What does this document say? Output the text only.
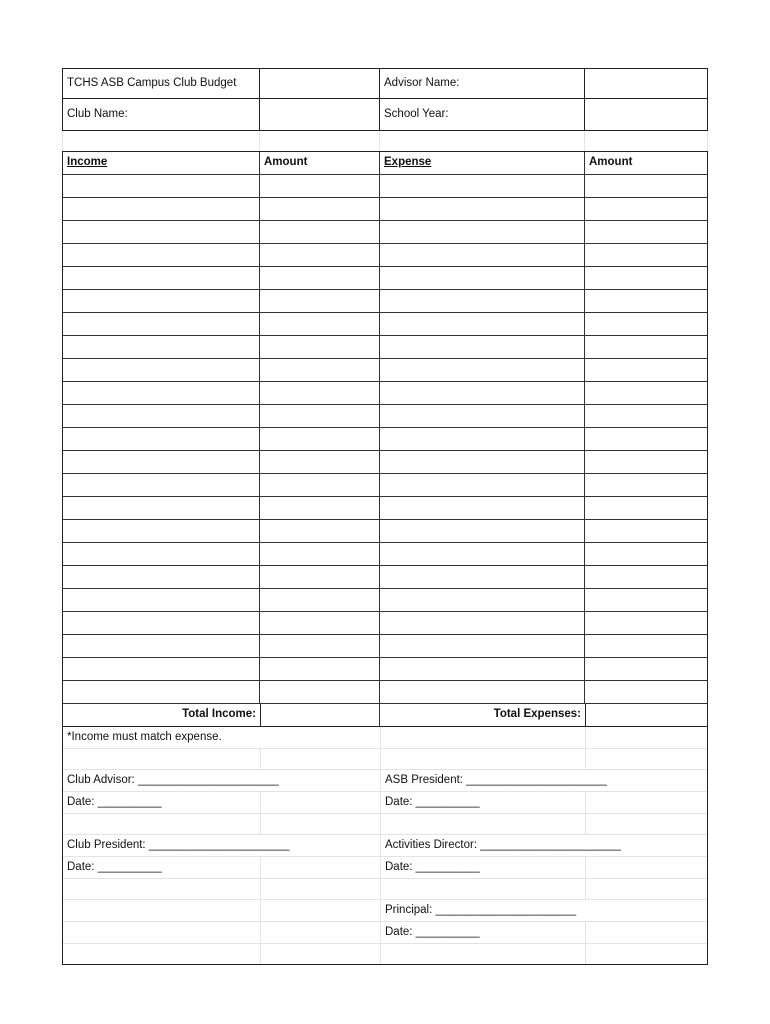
TCHS ASB Campus Club Budget	Advisor Name:
Club Name:	School Year:
Income	Amount	Expense	Amount
Total Income:	Total Expenses:
*Income must match expense.
Club Advisor: ______________________	ASB President: ______________________
Date: __________	Date: __________
Club President: ______________________	Activities Director: ______________________
Date: __________	Date: __________
Principal: ______________________
Date: __________
